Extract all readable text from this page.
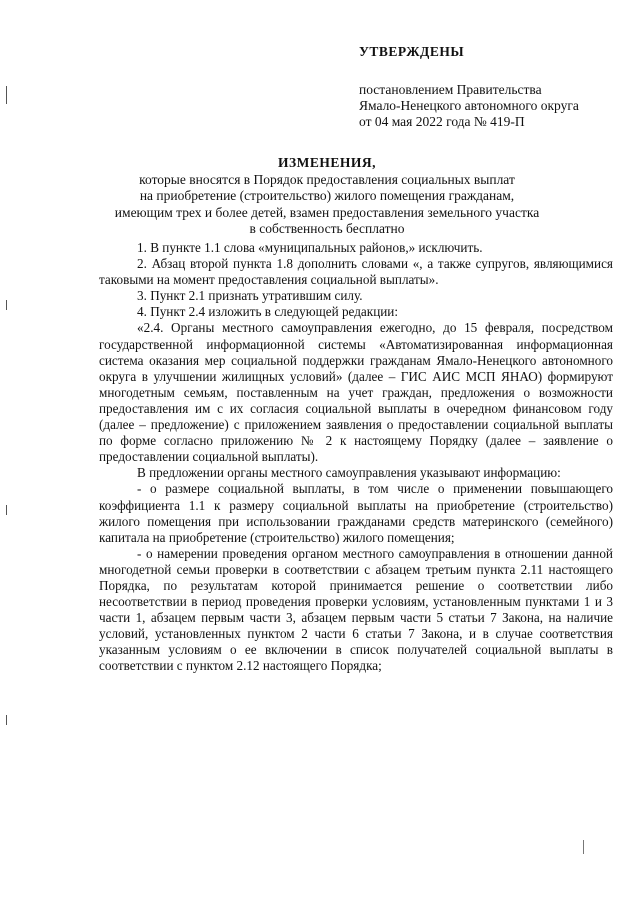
УТВЕРЖДЕНЫ
постановлением Правительства
Ямало-Ненецкого автономного округа
от 04 мая 2022 года № 419-П
ИЗМЕНЕНИЯ,
которые вносятся в Порядок предоставления социальных выплат
на приобретение (строительство) жилого помещения гражданам,
имеющим трех и более детей, взамен предоставления земельного участка
в собственность бесплатно

1. В пункте 1.1 слова «муниципальных районов,» исключить.

2. Абзац второй пункта 1.8 дополнить словами «, а также супругов, являющимися таковыми на момент предоставления социальной выплаты».

3. Пункт 2.1 признать утратившим силу.

4. Пункт 2.4 изложить в следующей редакции:

«2.4. Органы местного самоуправления ежегодно, до 15 февраля, посредством государственной информационной системы «Автоматизированная информационная система оказания мер социальной поддержки гражданам Ямало-Ненецкого автономного округа в улучшении жилищных условий» (далее – ГИС АИС МСП ЯНАО) формируют многодетным семьям, поставленным на учет граждан, предложения о возможности предоставления им с их согласия социальной выплаты в очередном финансовом году (далее – предложение) с приложением заявления о предоставлении социальной выплаты по форме согласно приложению № 2 к настоящему Порядку (далее – заявление о предоставлении социальной выплаты).

В предложении органы местного самоуправления указывают информацию:

- о размере социальной выплаты, в том числе о применении повышающего коэффициента 1.1 к размеру социальной выплаты на приобретение (строительство) жилого помещения при использовании гражданами средств материнского (семейного) капитала на приобретение (строительство) жилого помещения;

- о намерении проведения органом местного самоуправления в отношении данной многодетной семьи проверки в соответствии с абзацем третьим пункта 2.11 настоящего Порядка, по результатам которой принимается решение о соответствии либо несоответствии в период проведения проверки условиям, установленным пунктами 1 и 3 части 1, абзацем первым части 3, абзацем первым части 5 статьи 7 Закона, на наличие условий, установленных пунктом 2 части 6 статьи 7 Закона, и в случае соответствия указанным условиям о ее включении в список получателей социальной выплаты в соответствии с пунктом 2.12 настоящего Порядка;
